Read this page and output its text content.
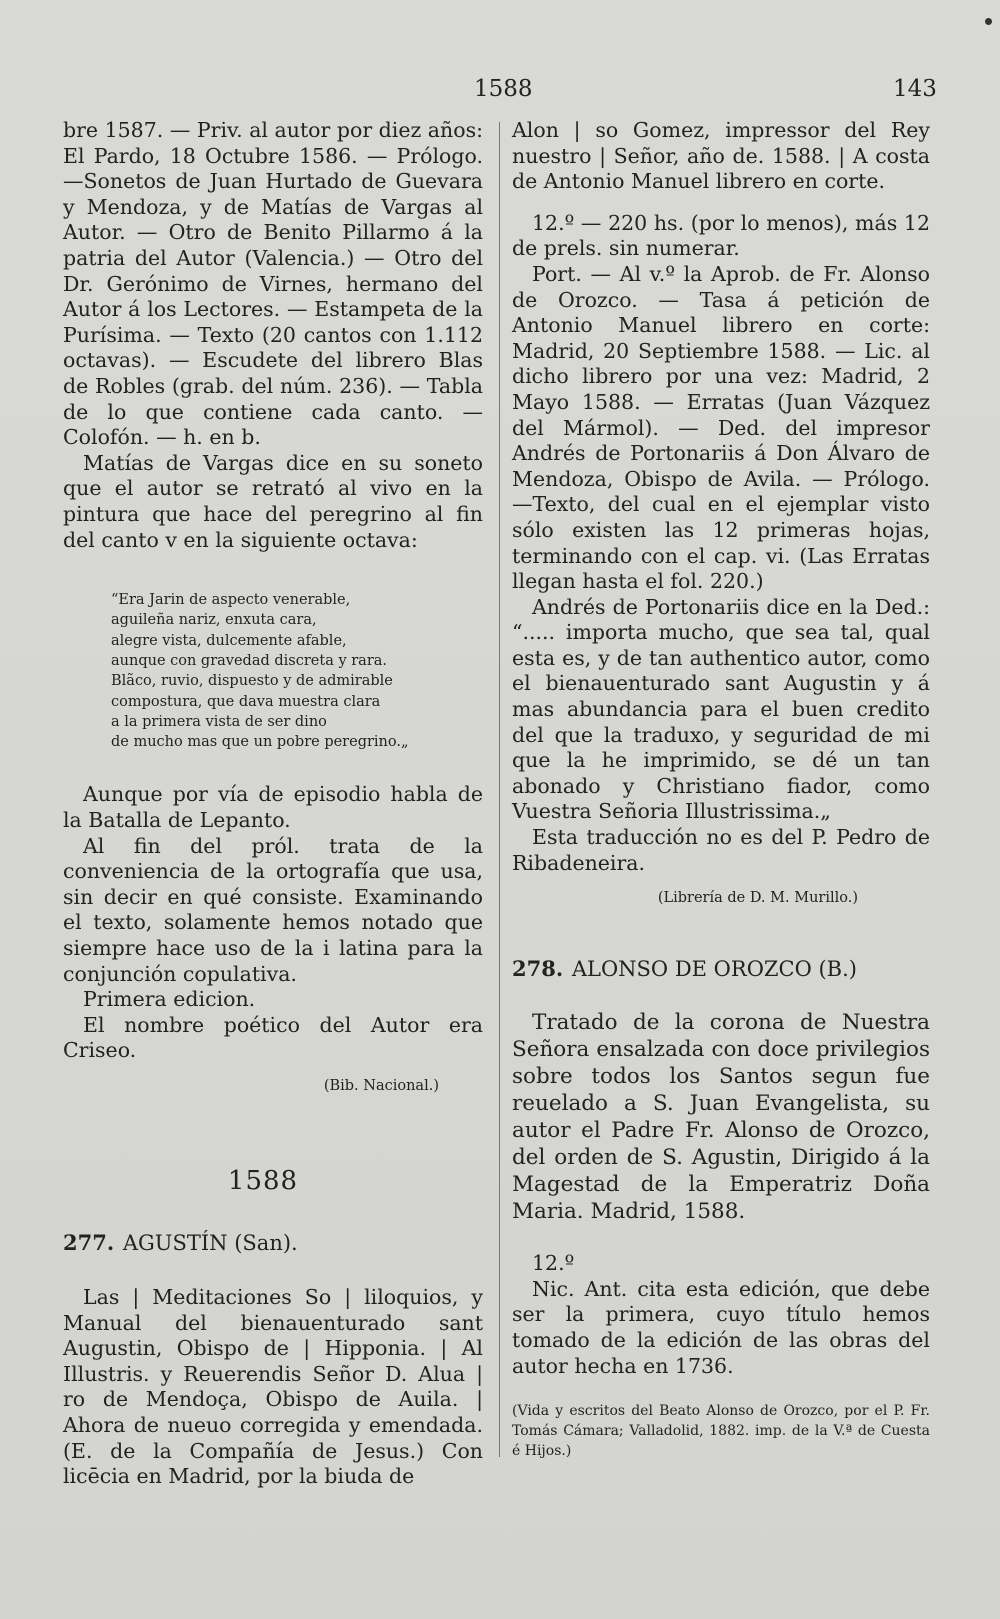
1588	143

bre 1587. — Priv. al autor por diez años: El Pardo, 18 Octubre 1586. — Prólogo. —Sonetos de Juan Hurtado de Guevara y Mendoza, y de Matías de Vargas al Autor. — Otro de Benito Pillarmo á la patria del Autor (Valencia.) — Otro del Dr. Gerónimo de Virnes, hermano del Autor á los Lectores. — Estampeta de la Purísima. — Texto (20 cantos con 1.112 octavas). — Escudete del librero Blas de Robles (grab. del núm. 236). — Tabla de lo que contiene cada canto. — Colofón. — h. en b.

Matías de Vargas dice en su soneto que el autor se retrató al vivo en la pintura que hace del peregrino al fin del canto v en la siguiente octava:

“Era Jarin de aspecto venerable,
aguileña nariz, enxuta cara,
alegre vista, dulcemente afable,
aunque con gravedad discreta y rara.
Blãco, ruvio, dispuesto y de admirable
compostura, que dava muestra clara
a la primera vista de ser dino
de mucho mas que un pobre peregrino.„

Aunque por vía de episodio habla de la Batalla de Lepanto.

Al fin del pról. trata de la conveniencia de la ortografía que usa, sin decir en qué consiste. Examinando el texto, solamente hemos notado que siempre hace uso de la i latina para la conjunción copulativa.

Primera edicion.

El nombre poético del Autor era Criseo.

(Bib. Nacional.)
1588
277. AGUSTÍN (San).

Las | Meditaciones So | liloquios, y Manual del bienauenturado sant Augustin, Obispo de | Hipponia. | Al Illustris. y Reuerendis Señor D. Alua | ro de Mendoça, Obispo de Auila. | Ahora de nueuo corregida y emendada. (E. de la Compañía de Jesus.) Con licēcia en Madrid, por la biuda de

Alon | so Gomez, impressor del Rey nuestro | Señor, año de. 1588. | A costa de Antonio Manuel librero en corte.

12.º — 220 hs. (por lo menos), más 12 de prels. sin numerar.

Port. — Al v.º la Aprob. de Fr. Alonso de Orozco. — Tasa á petición de Antonio Manuel librero en corte: Madrid, 20 Septiembre 1588. — Lic. al dicho librero por una vez: Madrid, 2 Mayo 1588. — Erratas (Juan Vázquez del Mármol). — Ded. del impresor Andrés de Portonariis á Don Álvaro de Mendoza, Obispo de Avila. — Prólogo. —Texto, del cual en el ejemplar visto sólo existen las 12 primeras hojas, terminando con el cap. vi. (Las Erratas llegan hasta el fol. 220.)

Andrés de Portonariis dice en la Ded.: “..... importa mucho, que sea tal, qual esta es, y de tan authentico autor, como el bienauenturado sant Augustin y á mas abundancia para el buen credito del que la traduxo, y seguridad de mi que la he imprimido, se dé un tan abonado y Christiano fiador, como Vuestra Señoria Illustrissima.„

Esta traducción no es del P. Pedro de Ribadeneira.

(Librería de D. M. Murillo.)
278. ALONSO DE OROZCO (B.)

Tratado de la corona de Nuestra Señora ensalzada con doce privilegios sobre todos los Santos segun fue reuelado a S. Juan Evangelista, su autor el Padre Fr. Alonso de Orozco, del orden de S. Agustin, Dirigido á la Magestad de la Emperatriz Doña Maria. Madrid, 1588.

12.º

Nic. Ant. cita esta edición, que debe ser la primera, cuyo título hemos tomado de la edición de las obras del autor hecha en 1736.

(Vida y escritos del Beato Alonso de Orozco, por el P. Fr. Tomás Cámara; Valladolid, 1882. imp. de la V.ª de Cuesta é Hijos.)
